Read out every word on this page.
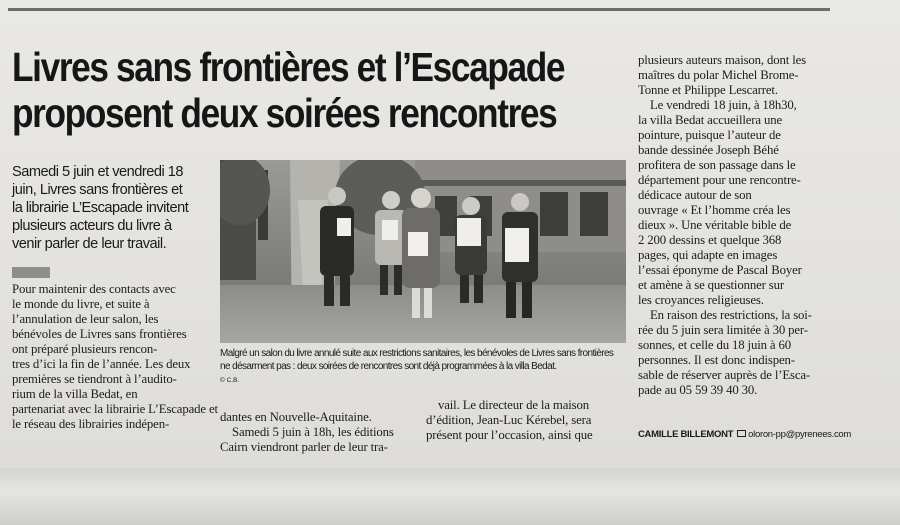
Livres sans frontières et l’Escapade
proposent deux soirées rencontres
Samedi 5 juin et vendredi 18
juin, Livres sans frontières et
la librairie L’Escapade invitent
plusieurs acteurs du livre à
venir parler de leur travail.
Pour maintenir des contacts avec
le monde du livre, et suite à
l’annulation de leur salon, les
bénévoles de Livres sans frontières
ont préparé plusieurs rencon-
tres d’ici la fin de l’année. Les deux
premières se tiendront à l’audito-
rium de la villa Bedat, en
partenariat avec la librairie L’Escapade et
le réseau des librairies indépen-
Malgré un salon du livre annulé suite aux restrictions sanitaires, les bénévoles de Livres sans frontières
ne désarment pas : deux soirées de rencontres sont déjà programmées à la villa Bedat.
© C.B.
dantes en Nouvelle-Aquitaine.
Samedi 5 juin à 18h, les éditions
Cairn viendront parler de leur tra-
vail. Le directeur de la maison
d’édition, Jean-Luc Kérebel, sera
présent pour l’occasion, ainsi que
plusieurs auteurs maison, dont les
maîtres du polar Michel Brome-
Tonne et Philippe Lescarret.
Le vendredi 18 juin, à 18h30,
la villa Bedat accueillera une
pointure, puisque l’auteur de
bande dessinée Joseph Béhé
profitera de son passage dans le
département pour une rencontre-
dédicace autour de son
ouvrage « Et l’homme créa les
dieux ». Une véritable bible de
2 200 dessins et quelque 368
pages, qui adapte en images
l’essai éponyme de Pascal Boyer
et amène à se questionner sur
les croyances religieuses.
En raison des restrictions, la soi-
rée du 5 juin sera limitée à 30 per-
sonnes, et celle du 18 juin à 60
personnes. Il est donc indispen-
sable de réserver auprès de l’Esca-
pade au 05 59 39 40 30.
CAMILLE BILLEMONT oloron-pp@pyrenees.com
